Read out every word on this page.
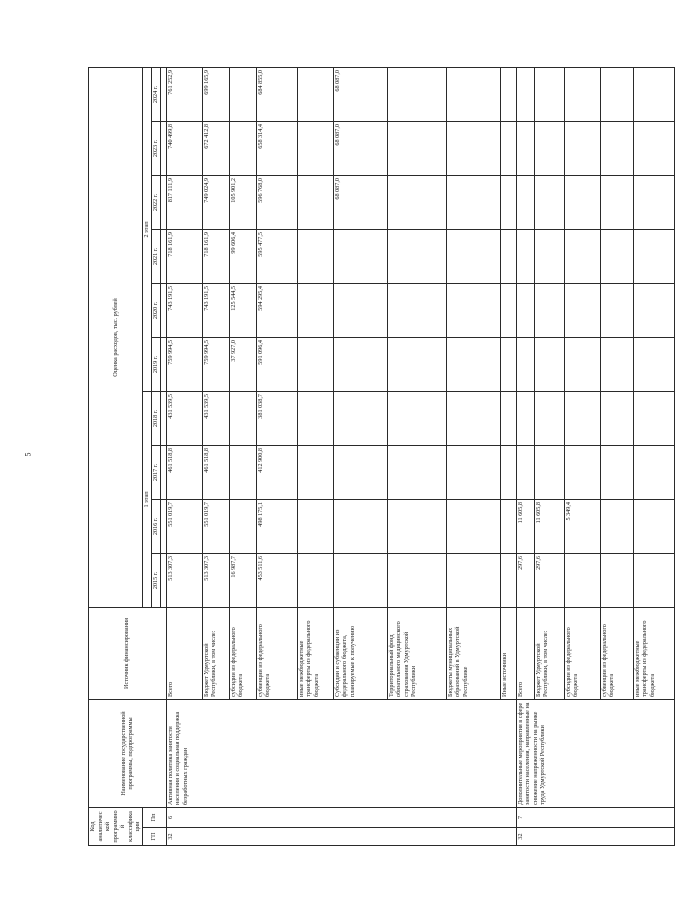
5
Код аналитической программной классификации		Наименование государственной программы, подпрограммы	Источник финансирования	Оценка расходов, тыс. рублей									
ГП	Пп			1 этап				2 этап					
				2015 г.	2016 г.	2017 г.	2018 г.	2019 г.	2020 г.	2021 г.	2022 г.	2023 г.	2024 г.

32	6	Активная политика занятости населения и социальная поддержка безработных граждан	Всего	513 307,3	551 019,7	461 518,8	431 539,5	759 994,5	743 191,5	718 161,9	817 111,9	740 499,8	761 252,9
			Бюджет Удмуртской Республики, в том числе:	513 307,3	551 019,7	461 518,8	431 539,5	759 994,5	743 191,5	718 161,9	749 024,9	672 412,8	699 165,9
			субсидии из федерального бюджета	16 987,7				37 927,0	125 544,5	99 606,4	105 901,2		
			субвенции из федерального бюджета	453 511,6	498 175,1	412 900,8	381 038,7	591 096,4	594 295,4	595 477,5	596 768,0	658 314,4	684 855,0
			иные межбюджетные трансферты из федерального бюджета										
			Субсидии и субвенции из федерального бюджета, планируемые к получению								68 087,0	68 087,0	68 087,0
			Территориальный фонд обязательного медицинского страхования Удмуртской Республики										
			Бюджеты муниципальных образований в Удмуртской Республике										
			Иные источники										
32	7	Дополнительные мероприятия в сфере занятости населения, направленные на снижение напряженности на рынке труда Удмуртской Республики	Всего	297,6	11 605,8								
			Бюджет Удмуртской Республики, в том числе:	297,6	11 605,8								
			субсидии из федерального бюджета		5 349,4								
			субвенции из федерального бюджета										
			иные межбюджетные трансферты из федерального бюджета										
